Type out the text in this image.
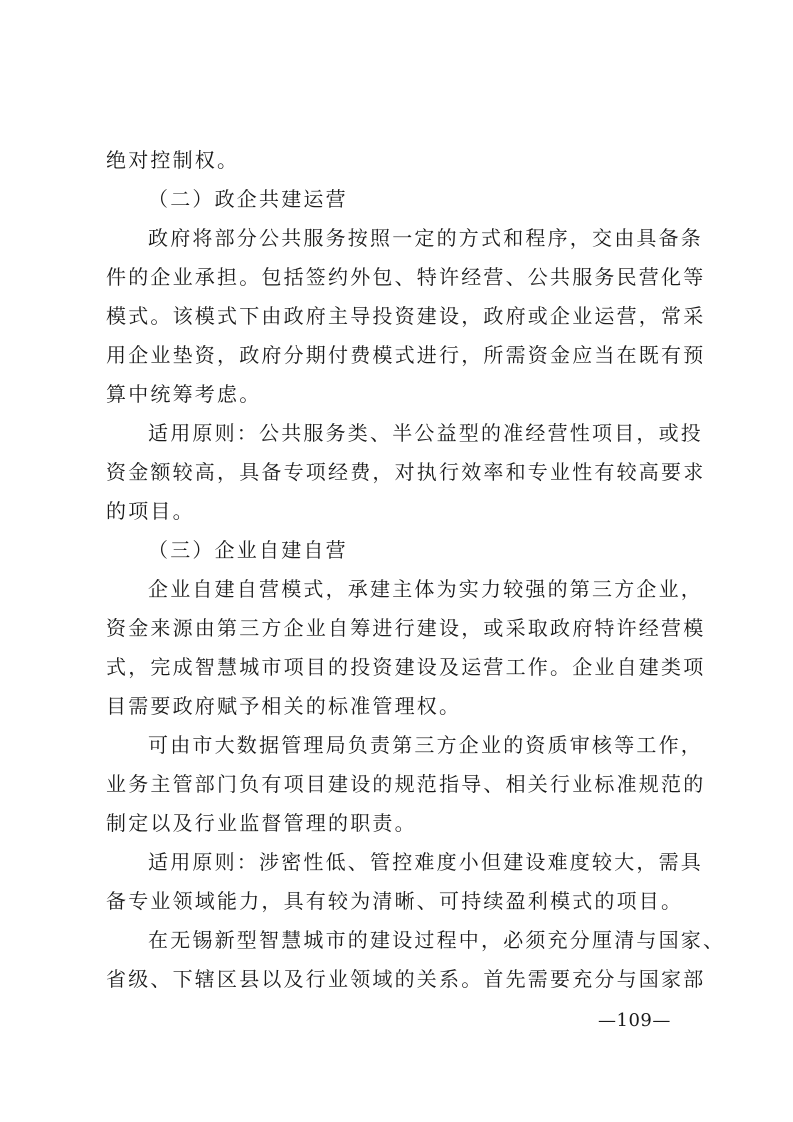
绝对控制权。
（二）政企共建运营
政府将部分公共服务按照一定的方式和程序，交由具备条
件的企业承担。包括签约外包、特许经营、公共服务民营化等
模式。该模式下由政府主导投资建设，政府或企业运营，常采
用企业垫资，政府分期付费模式进行，所需资金应当在既有预
算中统筹考虑。
适用原则：公共服务类、半公益型的准经营性项目，或投
资金额较高，具备专项经费，对执行效率和专业性有较高要求
的项目。
（三）企业自建自营
企业自建自营模式，承建主体为实力较强的第三方企业，
资金来源由第三方企业自筹进行建设，或采取政府特许经营模
式，完成智慧城市项目的投资建设及运营工作。企业自建类项
目需要政府赋予相关的标准管理权。
可由市大数据管理局负责第三方企业的资质审核等工作，
业务主管部门负有项目建设的规范指导、相关行业标准规范的
制定以及行业监督管理的职责。
适用原则：涉密性低、管控难度小但建设难度较大，需具
备专业领域能力，具有较为清晰、可持续盈利模式的项目。
在无锡新型智慧城市的建设过程中，必须充分厘清与国家、
省级、下辖区县以及行业领域的关系。首先需要充分与国家部
—109—
